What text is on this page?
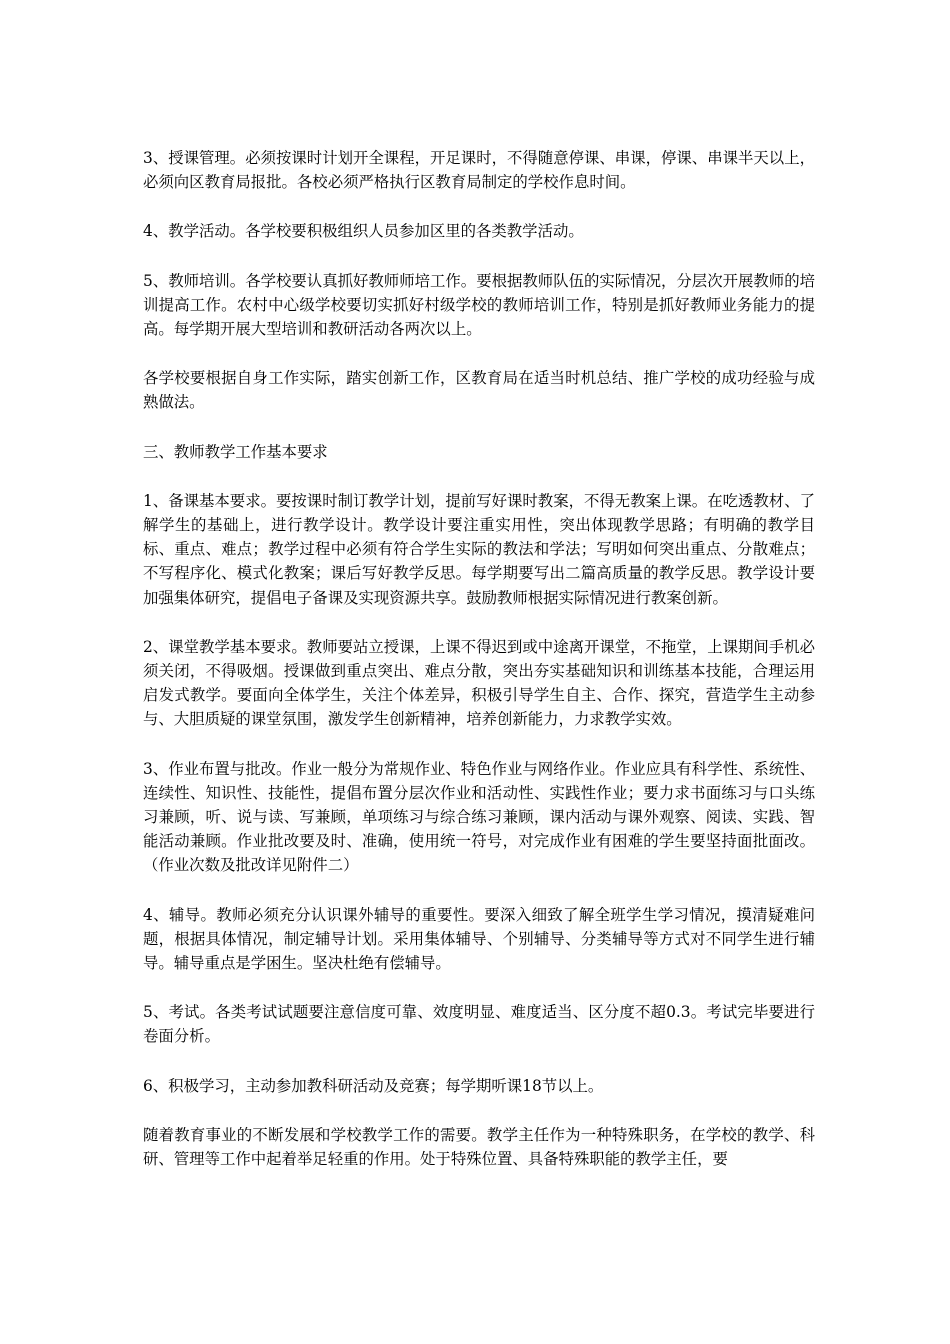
3、授课管理。必须按课时计划开全课程，开足课时，不得随意停课、串课，停课、串课半天以上，必须向区教育局报批。各校必须严格执行区教育局制定的学校作息时间。

4、教学活动。各学校要积极组织人员参加区里的各类教学活动。

5、教师培训。各学校要认真抓好教师师培工作。要根据教师队伍的实际情况，分层次开展教师的培训提高工作。农村中心级学校要切实抓好村级学校的教师培训工作，特别是抓好教师业务能力的提高。每学期开展大型培训和教研活动各两次以上。

各学校要根据自身工作实际，踏实创新工作，区教育局在适当时机总结、推广学校的成功经验与成熟做法。

三、教师教学工作基本要求

1、备课基本要求。要按课时制订教学计划，提前写好课时教案，不得无教案上课。在吃透教材、了解学生的基础上，进行教学设计。教学设计要注重实用性，突出体现教学思路；有明确的教学目标、重点、难点；教学过程中必须有符合学生实际的教法和学法；写明如何突出重点、分散难点；不写程序化、模式化教案；课后写好教学反思。每学期要写出二篇高质量的教学反思。教学设计要加强集体研究，提倡电子备课及实现资源共享。鼓励教师根据实际情况进行教案创新。

2、课堂教学基本要求。教师要站立授课，上课不得迟到或中途离开课堂，不拖堂，上课期间手机必须关闭，不得吸烟。授课做到重点突出、难点分散，突出夯实基础知识和训练基本技能，合理运用启发式教学。要面向全体学生，关注个体差异，积极引导学生自主、合作、探究，营造学生主动参与、大胆质疑的课堂氛围，激发学生创新精神，培养创新能力，力求教学实效。

3、作业布置与批改。作业一般分为常规作业、特色作业与网络作业。作业应具有科学性、系统性、连续性、知识性、技能性，提倡布置分层次作业和活动性、实践性作业；要力求书面练习与口头练习兼顾，听、说与读、写兼顾，单项练习与综合练习兼顾，课内活动与课外观察、阅读、实践、智能活动兼顾。作业批改要及时、准确，使用统一符号，对完成作业有困难的学生要坚持面批面改。（作业次数及批改详见附件二）

4、辅导。教师必须充分认识课外辅导的重要性。要深入细致了解全班学生学习情况，摸清疑难问题，根据具体情况，制定辅导计划。采用集体辅导、个别辅导、分类辅导等方式对不同学生进行辅导。辅导重点是学困生。坚决杜绝有偿辅导。

5、考试。各类考试试题要注意信度可靠、效度明显、难度适当、区分度不超0.3。考试完毕要进行卷面分析。

6、积极学习，主动参加教科研活动及竞赛；每学期听课18节以上。

随着教育事业的不断发展和学校教学工作的需要。教学主任作为一种特殊职务，在学校的教学、科研、管理等工作中起着举足轻重的作用。处于特殊位置、具备特殊职能的教学主任，要
